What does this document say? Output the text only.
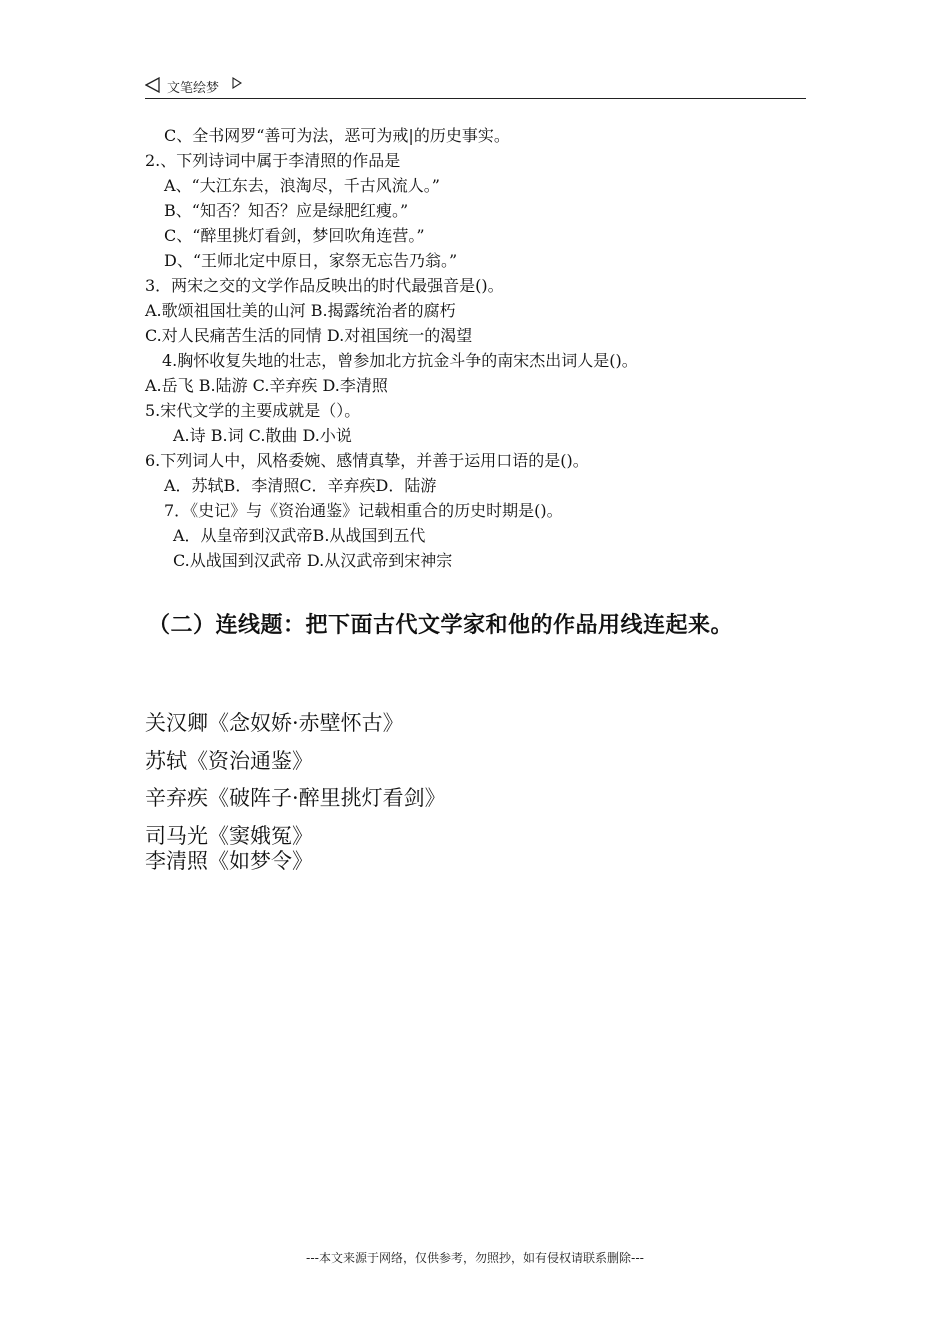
文笔绘梦
C、全书网罗“善可为法，恶可为戒|的历史事实。
2.、下列诗词中属于李清照的作品是
A、“大江东去，浪淘尽，千古风流人。”
B、“知否？知否？应是绿肥红瘦。”
C、“醉里挑灯看剑，梦回吹角连营。”
D、“王师北定中原日，家祭无忘告乃翁。”
3．两宋之交的文学作品反映出的时代最强音是()。
A.歌颂祖国壮美的山河 B.揭露统治者的腐朽
C.对人民痛苦生活的同情 D.对祖国统一的渴望
4.胸怀收复失地的壮志，曾参加北方抗金斗争的南宋杰出词人是()。
A.岳飞 B.陆游 C.辛弃疾 D.李清照
5.宋代文学的主要成就是（）。
A.诗 B.词 C.散曲 D.小说
6.下列词人中，风格委婉、感情真挚，并善于运用口语的是()。
A．苏轼B．李清照C．辛弃疾D．陆游
7．《史记》与《资治通鉴》记载相重合的历史时期是()。
A．从皇帝到汉武帝B.从战国到五代
C.从战国到汉武帝 D.从汉武帝到宋神宗
（二）连线题：把下面古代文学家和他的作品用线连起来。
关汉卿《念奴娇·赤壁怀古》
苏轼《资治通鉴》
辛弃疾《破阵子·醉里挑灯看剑》
司马光《窦娥冤》
李清照《如梦令》
---本文来源于网络，仅供参考，勿照抄，如有侵权请联系删除---
